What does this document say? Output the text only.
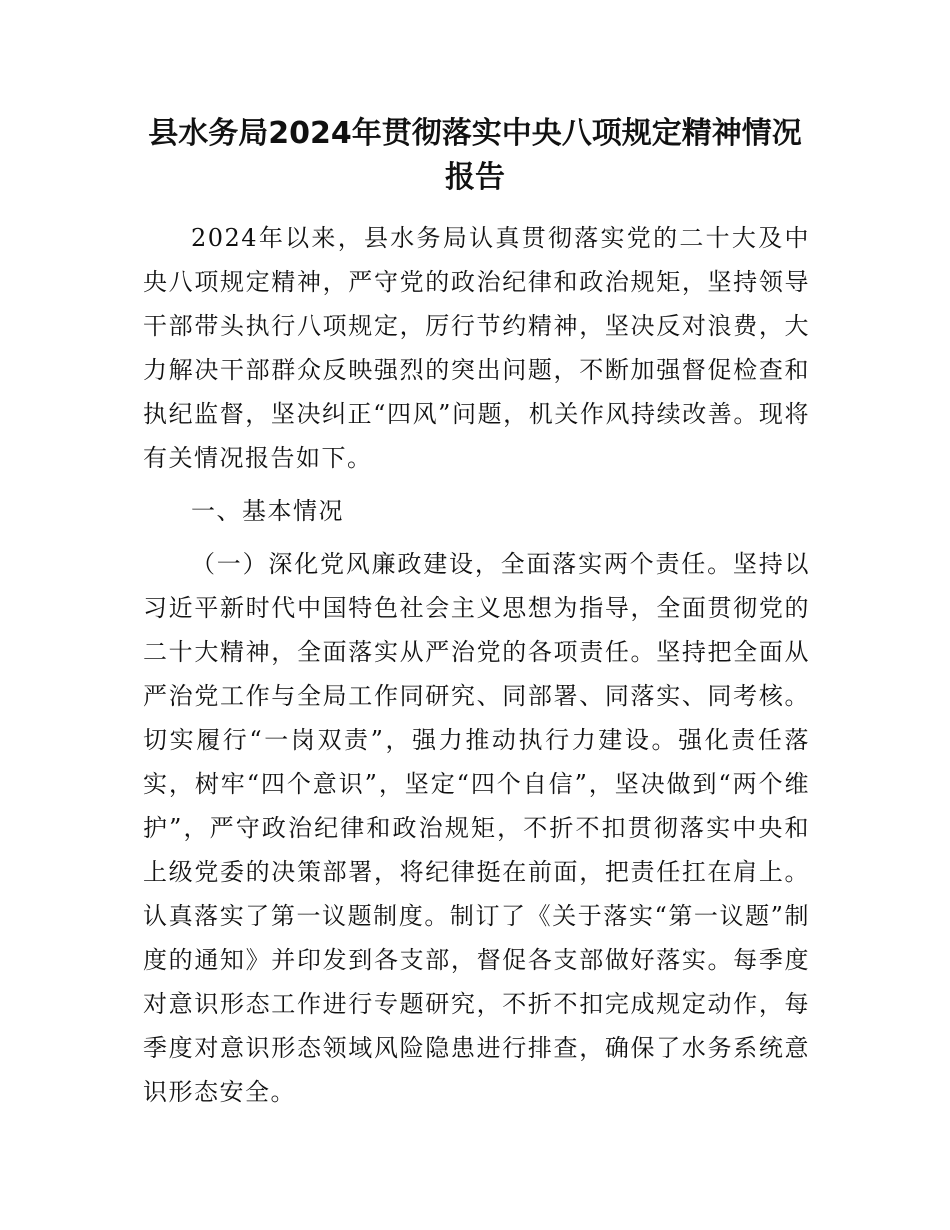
县水务局2024年贯彻落实中央八项规定精神情况报告

2024年以来，县水务局认真贯彻落实党的二十大及中央八项规定精神，严守党的政治纪律和政治规矩，坚持领导干部带头执行八项规定，厉行节约精神，坚决反对浪费，大力解决干部群众反映强烈的突出问题，不断加强督促检查和执纪监督，坚决纠正“四风”问题，机关作风持续改善。现将有关情况报告如下。

一、基本情况

（一）深化党风廉政建设，全面落实两个责任。坚持以习近平新时代中国特色社会主义思想为指导，全面贯彻党的二十大精神，全面落实从严治党的各项责任。坚持把全面从严治党工作与全局工作同研究、同部署、同落实、同考核。切实履行“一岗双责”，强力推动执行力建设。强化责任落实，树牢“四个意识”，坚定“四个自信”，坚决做到“两个维护”，严守政治纪律和政治规矩，不折不扣贯彻落实中央和上级党委的决策部署，将纪律挺在前面，把责任扛在肩上。认真落实了第一议题制度。制订了《关于落实“第一议题”制度的通知》并印发到各支部，督促各支部做好落实。每季度对意识形态工作进行专题研究，不折不扣完成规定动作，每季度对意识形态领域风险隐患进行排查，确保了水务系统意识形态安全。
